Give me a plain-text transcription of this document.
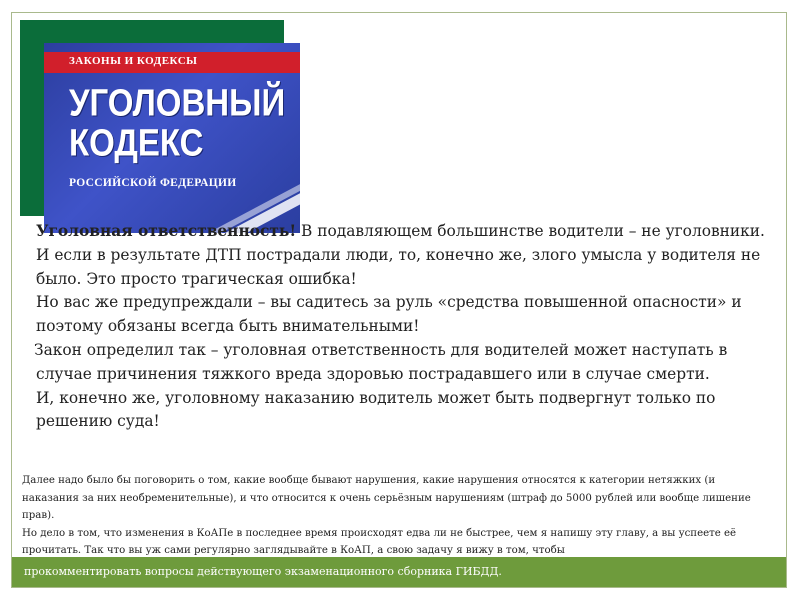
ЗАКОНЫ И КОДЕКСЫ
УГОЛОВНЫЙ
КОДЕКС
РОССИЙСКОЙ ФЕДЕРАЦИИ

Уголовная ответственность! В подавляющем большинстве водители – не уголовники. И если в результате ДТП пострадали люди, то, конечно же, злого умысла у водителя не было. Это просто трагическая ошибка!

Но вас же предупреждали – вы садитесь за руль «средства повышенной опасности» и поэтому обязаны всегда быть внимательными!

Закон определил так – уголовная ответственность для водителей может наступать в случае причинения тяжкого вреда здоровью пострадавшего или в случае смерти.

И, конечно же, уголовному наказанию водитель может быть подвергнут только по решению суда!

Далее надо было бы поговорить о том, какие вообще бывают нарушения, какие нарушения относятся к категории нетяжких (и наказания за них необременительные), и что относится к очень серьёзным нарушениям (штраф до 5000 рублей или вообще лишение прав).

Но дело в том, что изменения в КоАПе в последнее время происходят едва ли не быстрее, чем я напишу эту главу, а вы успеете её прочитать. Так что вы уж сами регулярно заглядывайте в КоАП, а свою задачу я вижу в том, чтобы

прокомментировать вопросы действующего экзаменационного сборника ГИБДД.
